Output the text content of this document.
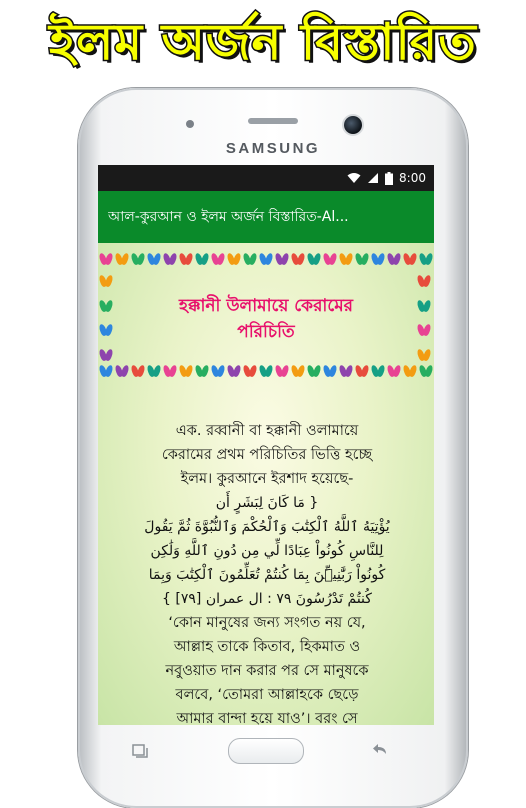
ইলম অর্জন বিস্তারিত
SAMSUNG
8:00
আল-কুরআন ও ইলম অর্জন বিস্তারিত-Al...
হক্কানী উলামায়ে কেরামের
পরিচিতি
এক. রব্বানী বা হক্কানী ওলামায়ে
কেরামের প্রথম পরিচিতির ভিত্তি হচ্ছে
ইলম। কুরআনে ইরশাদ হয়েছে-
{ مَا كَانَ لِبَشَرٍ أَن
يُؤْتِيَهُ ٱللَّهُ ٱلْكِتَٰبَ وَٱلْحُكْمَ وَٱلنُّبُوَّةَ ثُمَّ يَقُولَ
لِلنَّاسِ كُونُواْ عِبَادًا لِّي مِن دُونِ ٱللَّهِ وَلَٰكِن
كُونُواْ رَبَّٰنِيِّۧنَ بِمَا كُنتُمْ تُعَلِّمُونَ ٱلْكِتَٰبَ وَبِمَا
كُنتُمْ تَدْرُسُونَ ٧٩ : ال عمران [٧٩] }
‘কোন মানুষের জন্য সংগত নয় যে,
আল্লাহ তাকে কিতাব, হিকমাত ও
নবুওয়াত দান করার পর সে মানুষকে
বলবে, ‘তোমরা আল্লাহকে ছেড়ে
আমার বান্দা হয়ে যাও’। বরং সে
